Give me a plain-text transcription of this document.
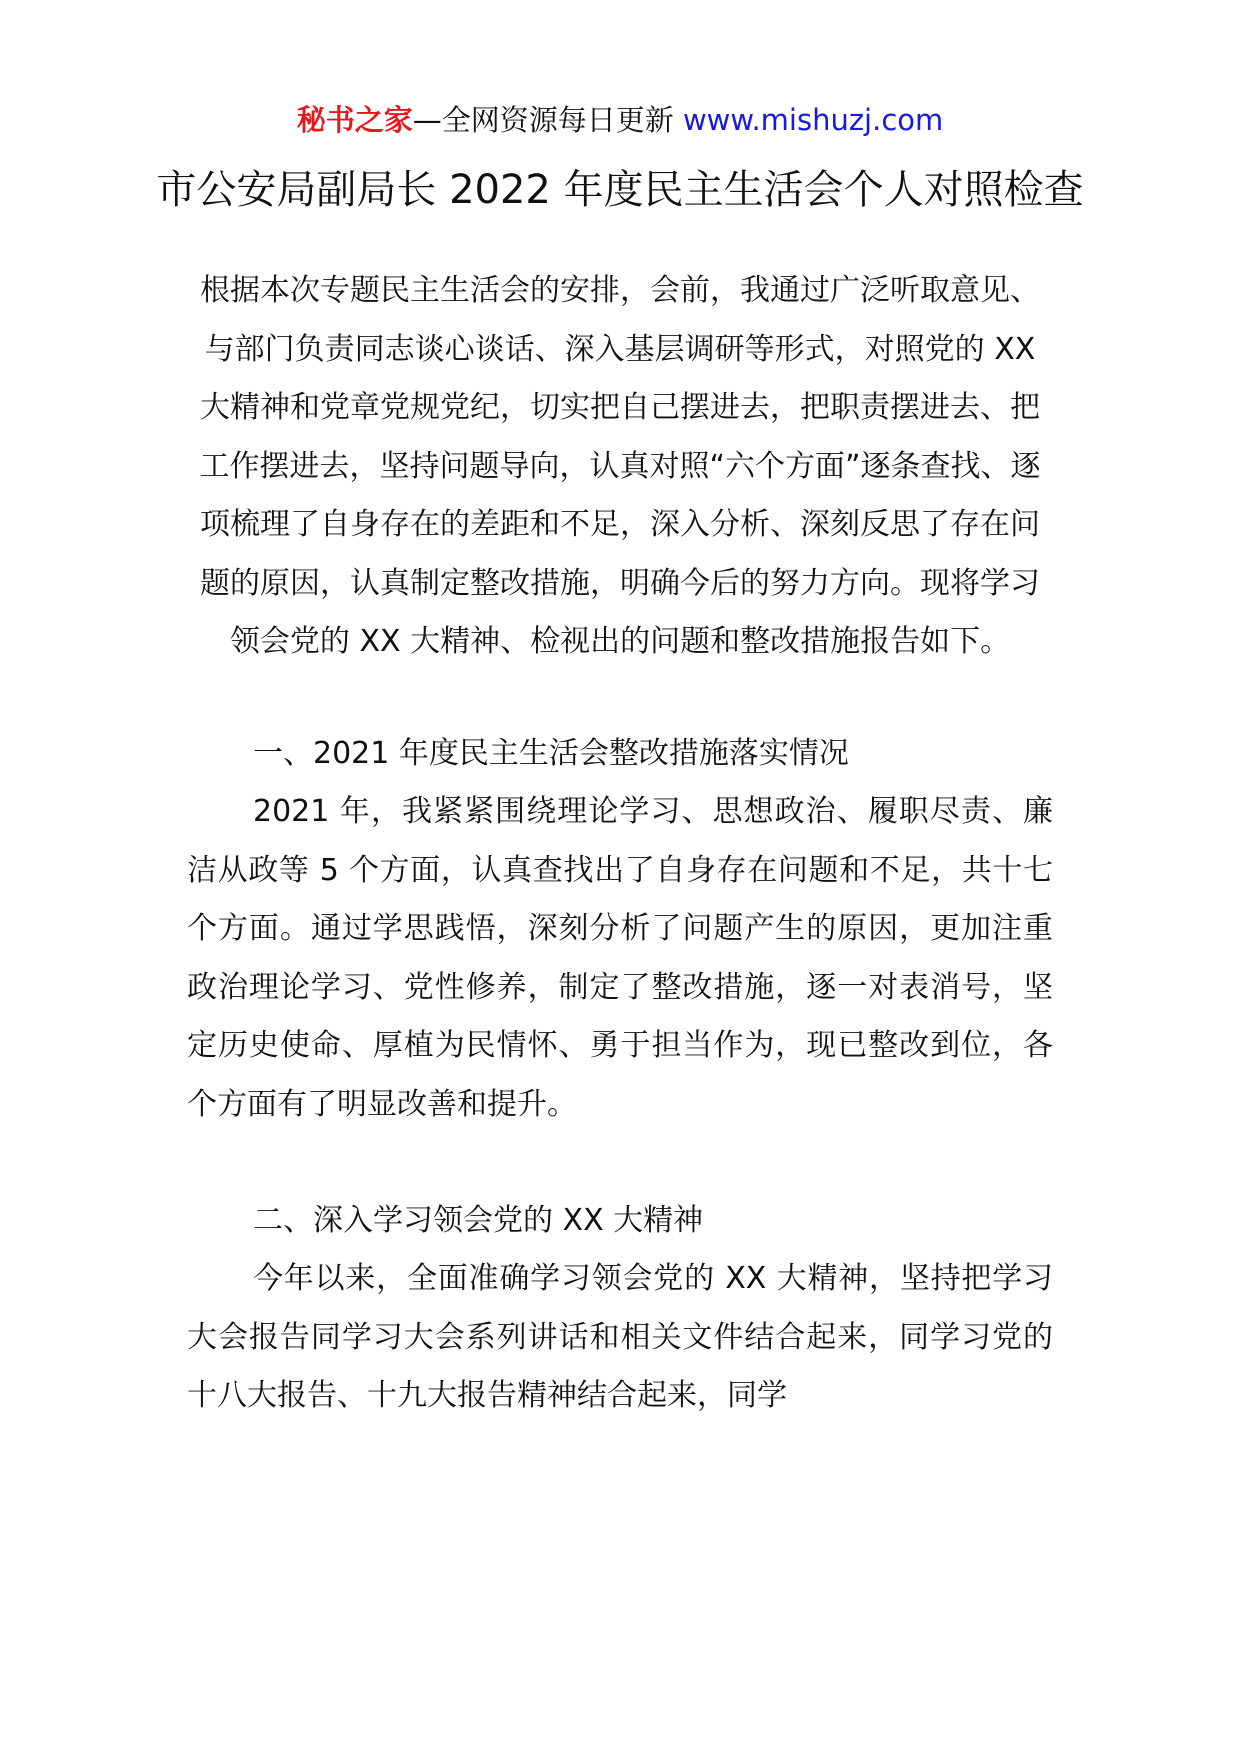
秘书之家—全网资源每日更新 www.mishuzj.com
市公安局副局长 2022 年度民主生活会个人对照检查
根据本次专题民主生活会的安排，会前，我通过广泛听取意见、与部门负责同志谈心谈话、深入基层调研等形式，对照党的 XX 大精神和党章党规党纪，切实把自己摆进去，把职责摆进去、把工作摆进去，坚持问题导向，认真对照“六个方面”逐条查找、逐项梳理了自身存在的差距和不足，深入分析、深刻反思了存在问题的原因，认真制定整改措施，明确今后的努力方向。现将学习领会党的 XX 大精神、检视出的问题和整改措施报告如下。
一、2021 年度民主生活会整改措施落实情况
2021 年，我紧紧围绕理论学习、思想政治、履职尽责、廉洁从政等 5 个方面，认真查找出了自身存在问题和不足，共十七个方面。通过学思践悟，深刻分析了问题产生的原因，更加注重政治理论学习、党性修养，制定了整改措施，逐一对表消号，坚定历史使命、厚植为民情怀、勇于担当作为，现已整改到位，各个方面有了明显改善和提升。
二、深入学习领会党的 XX 大精神
今年以来，全面准确学习领会党的 XX 大精神，坚持把学习大会报告同学习大会系列讲话和相关文件结合起来，同学习党的十八大报告、十九大报告精神结合起来，同学
